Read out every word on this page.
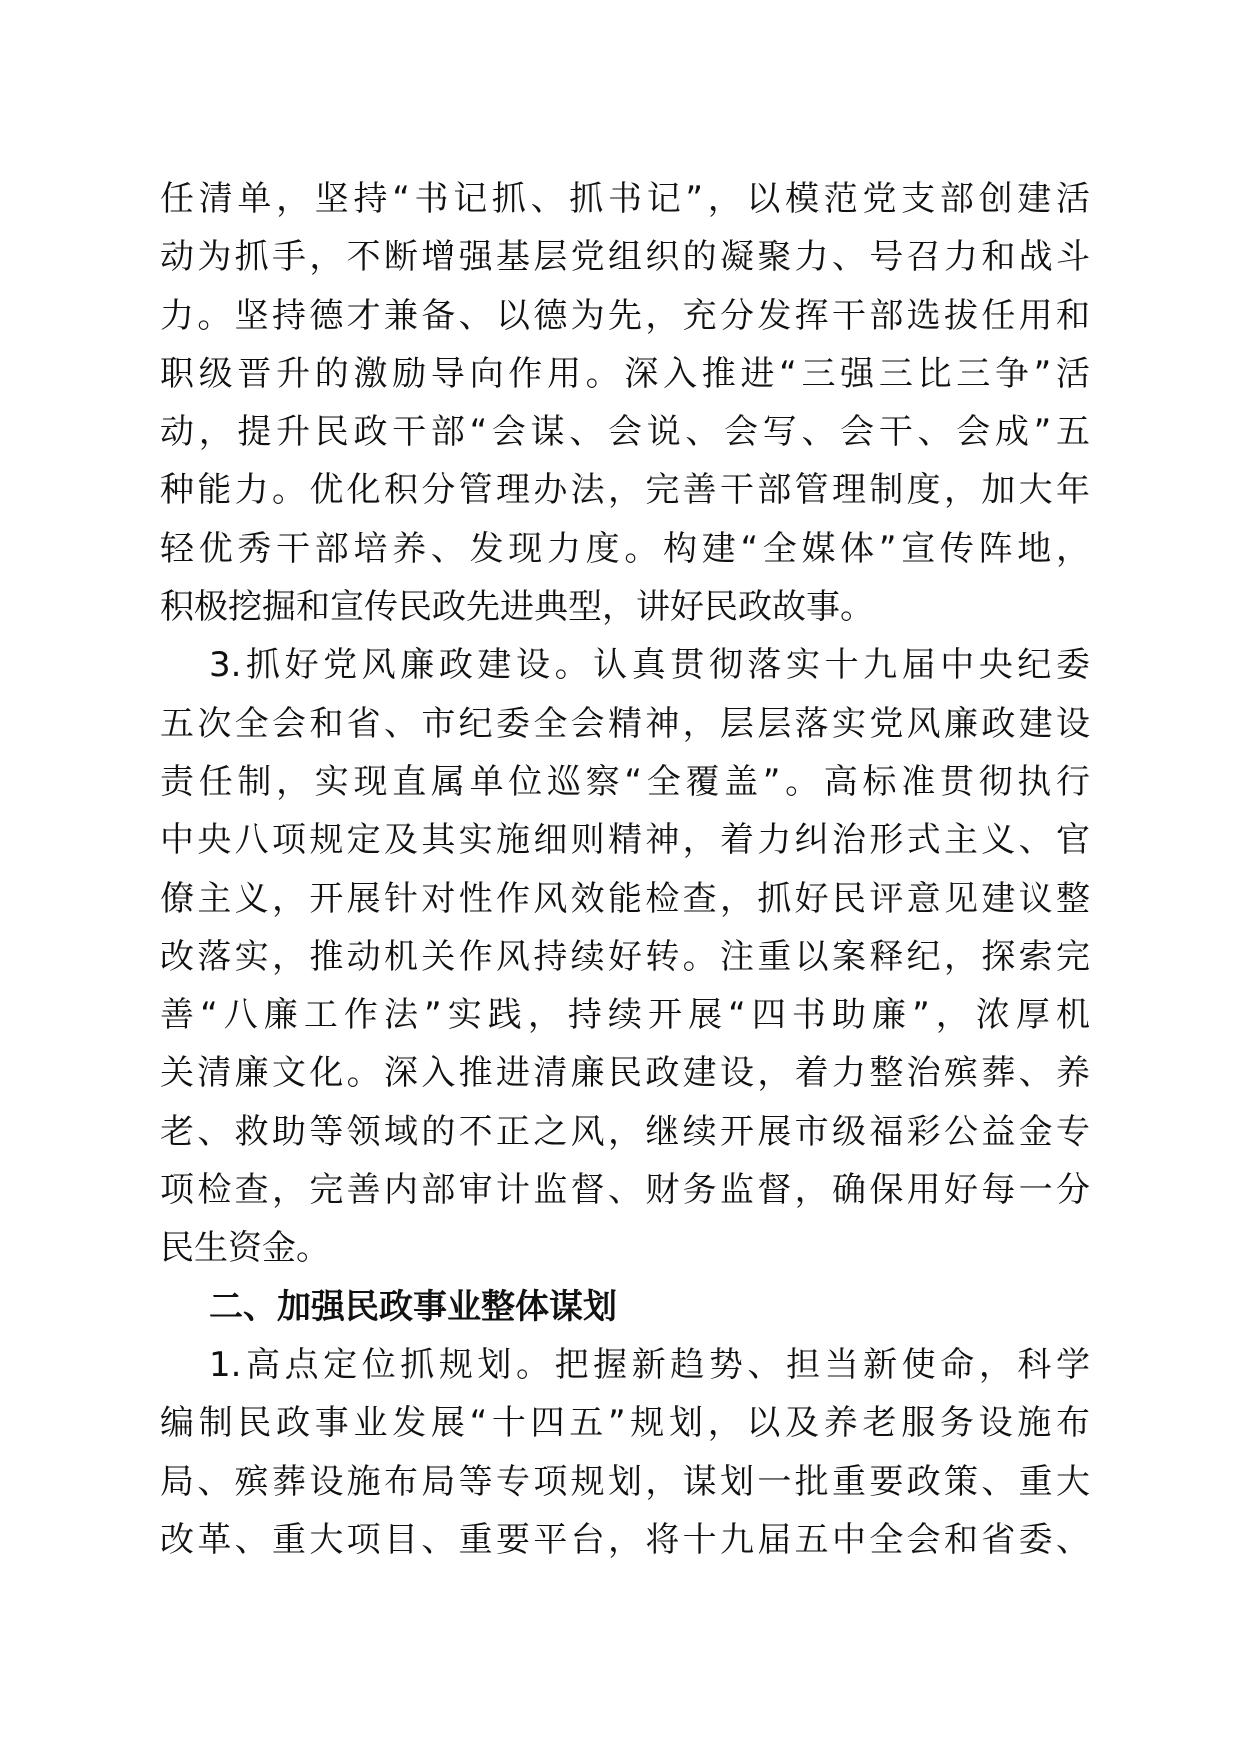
任清单，坚持“书记抓、抓书记”，以模范党支部创建活
动为抓手，不断增强基层党组织的凝聚力、号召力和战斗
力。坚持德才兼备、以德为先，充分发挥干部选拔任用和
职级晋升的激励导向作用。深入推进“三强三比三争”活
动，提升民政干部“会谋、会说、会写、会干、会成”五
种能力。优化积分管理办法，完善干部管理制度，加大年
轻优秀干部培养、发现力度。构建“全媒体”宣传阵地，
积极挖掘和宣传民政先进典型，讲好民政故事。
3.抓好党风廉政建设。认真贯彻落实十九届中央纪委
五次全会和省、市纪委全会精神，层层落实党风廉政建设
责任制，实现直属单位巡察“全覆盖”。高标准贯彻执行
中央八项规定及其实施细则精神，着力纠治形式主义、官
僚主义，开展针对性作风效能检查，抓好民评意见建议整
改落实，推动机关作风持续好转。注重以案释纪，探索完
善“八廉工作法”实践，持续开展“四书助廉”，浓厚机
关清廉文化。深入推进清廉民政建设，着力整治殡葬、养
老、救助等领域的不正之风，继续开展市级福彩公益金专
项检查，完善内部审计监督、财务监督，确保用好每一分
民生资金。
二、加强民政事业整体谋划
1.高点定位抓规划。把握新趋势、担当新使命，科学
编制民政事业发展“十四五”规划，以及养老服务设施布
局、殡葬设施布局等专项规划，谋划一批重要政策、重大
改革、重大项目、重要平台，将十九届五中全会和省委、
